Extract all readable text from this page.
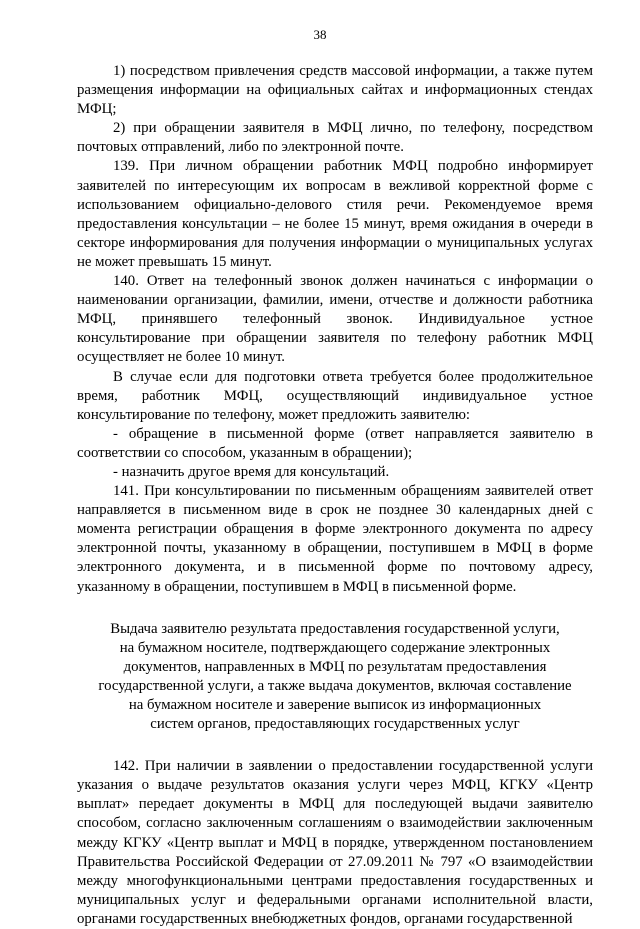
38

1) посредством привлечения средств массовой информации, а также путем размещения информации на официальных сайтах и информационных стендах МФЦ;

2) при обращении заявителя в МФЦ лично, по телефону, посредством почтовых отправлений, либо по электронной почте.

139. При личном обращении работник МФЦ подробно информирует заявителей по интересующим их вопросам в вежливой корректной форме с использованием официально-делового стиля речи. Рекомендуемое время предоставления консультации – не более 15 минут, время ожидания в очереди в секторе информирования для получения информации о муниципальных услугах не может превышать 15 минут.

140. Ответ на телефонный звонок должен начинаться с информации о наименовании организации, фамилии, имени, отчестве и должности работника МФЦ, принявшего телефонный звонок. Индивидуальное устное консультирование при обращении заявителя по телефону работник МФЦ осуществляет не более 10 минут.

В случае если для подготовки ответа требуется более продолжительное время, работник МФЦ, осуществляющий индивидуальное устное консультирование по телефону, может предложить заявителю:

- обращение в письменной форме (ответ направляется заявителю в соответствии со способом, указанным в обращении);

- назначить другое время для консультаций.

141. При консультировании по письменным обращениям заявителей ответ направляется в письменном виде в срок не позднее 30 календарных дней с момента регистрации обращения в форме электронного документа по адресу электронной почты, указанному в обращении, поступившем в МФЦ в форме электронного документа, и в письменной форме по почтовому адресу, указанному в обращении, поступившем в МФЦ в письменной форме.

Выдача заявителю результата предоставления государственной услуги,
на бумажном носителе, подтверждающего содержание электронных
документов, направленных в МФЦ по результатам предоставления
государственной услуги, а также выдача документов, включая составление
на бумажном носителе и заверение выписок из информационных
систем органов, предоставляющих государственных услуг

142. При наличии в заявлении о предоставлении государственной услуги указания о выдаче результатов оказания услуги через МФЦ, КГКУ «Центр выплат» передает документы в МФЦ для последующей выдачи заявителю способом, согласно заключенным соглашениям о взаимодействии заключенным между КГКУ «Центр выплат и МФЦ в порядке, утвержденном постановлением Правительства Российской Федерации от 27.09.2011 № 797 «О взаимодействии между многофункциональными центрами предоставления государственных и муниципальных услуг и федеральными органами исполнительной власти, органами государственных внебюджетных фондов, органами государственной
